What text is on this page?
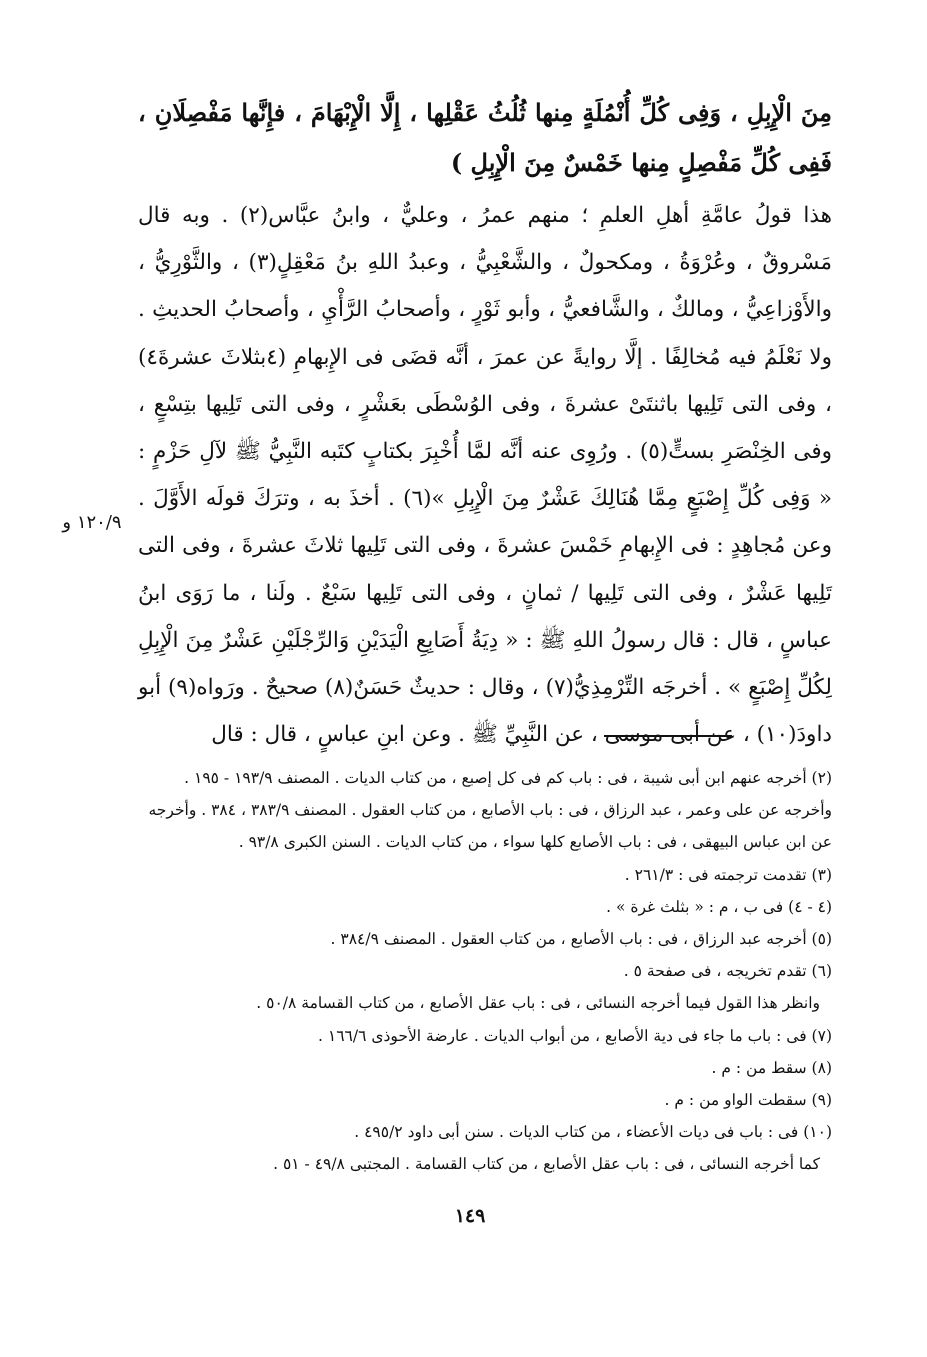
مِنَ الْإِبِلِ ، وَفِى كُلِّ أُنْمُلَةٍ مِنها ثُلُثُ عَقْلِها ، إِلَّا الْإِبْهَامَ ، فإِنَّها مَفْصِلَانِ ، فَفِى كُلِّ مَفْصِلٍ مِنها خَمْسٌ مِنَ الْإِبِلِ )
هذا قولُ عامَّةِ أهلِ العلمِ ؛ منهم عمرُ ، وعليٌّ ، وابنُ عبَّاس(٢) . وبه قال مَسْروقٌ ، وعُرْوَةُ ، ومكحولٌ ، والشَّعْبِيُّ ، وعبدُ اللهِ بنُ مَعْقِلٍ(٣) ، والثَّوْرِيُّ ، والأَوْزاعِيُّ ، ومالكٌ ، والشَّافعيُّ ، وأبو ثَوْرٍ ، وأصحابُ الرَّأْيِ ، وأصحابُ الحديثِ . ولا نَعْلَمُ فيه مُخالِفًا . إلَّا روايةً عن عمرَ ، أنَّه قضَى فى الإِبهامِ (٤بثلاثَ عشرةَ٤) ، وفى التى تَلِيها باثنتَىْ عشرةَ ، وفى الوُسْطَى بعَشْرٍ ، وفى التى تَلِيها بتِسْعٍ ، وفى الخِنْصَرِ بستٍّ(٥) . ورُوِى عنه أنَّه لمَّا أُخْبِرَ بكتابٍ كتَبه النَّبِيُّ ﷺ لآلِ حَزْمٍ : « وَفِى كُلِّ إِصْبَعٍ مِمَّا هُنَالِكَ عَشْرٌ مِنَ الْإِبِلِ »(٦) . أخذَ به ، وترَكَ قولَه الأَوَّلَ . وعن مُجاهِدٍ : فى الإِبهامِ خَمْسَ عشرةَ ، وفى التى تَلِيها ثلاثَ عشرةَ ، وفى التى تَلِيها عَشْرٌ ، وفى التى تَلِيها / ثمانٍ ، وفى التى تَلِيها سَبْعٌ . ولَنا ، ما رَوَى ابنُ عباسٍ ، قال : قال رسولُ اللهِ ﷺ : « دِيَةُ أَصَابِعِ الْيَدَيْنِ وَالرِّجْلَيْنِ عَشْرٌ مِنَ الْإِبِلِ لِكُلِّ إِصْبَعٍ » . أخرجَه التِّرْمِذِيُّ(٧) ، وقال : حديثٌ حَسَنٌ(٨) صحيحٌ . ورَواه(٩) أبو داودَ(١٠) ، عن أبى موسى ، عن النَّبِيِّ ﷺ . وعن ابنِ عباسٍ ، قال : قال
١٢٠/٩ و
(٢) أخرجه عنهم ابن أبى شيبة ، فى : باب كم فى كل إصبع ، من كتاب الديات . المصنف ١٩٣/٩ - ١٩٥ .
وأخرجه عن على وعمر ، عبد الرزاق ، فى : باب الأصابع ، من كتاب العقول . المصنف ٣٨٣/٩ ، ٣٨٤ . وأخرجه
عن ابن عباس البيهقى ، فى : باب الأصابع كلها سواء ، من كتاب الديات . السنن الكبرى ٩٣/٨ .
(٣) تقدمت ترجمته فى : ٢٦١/٣ .
(٤ - ٤) فى ب ، م : « بثلث غرة » .
(٥) أخرجه عبد الرزاق ، فى : باب الأصابع ، من كتاب العقول . المصنف ٣٨٤/٩ .
(٦) تقدم تخريجه ، فى صفحة ٥ .
وانظر هذا القول فيما أخرجه النسائى ، فى : باب عقل الأصابع ، من كتاب القسامة ٥٠/٨ .
(٧) فى : باب ما جاء فى دية الأصابع ، من أبواب الديات . عارضة الأحوذى ١٦٦/٦ .
(٨) سقط من : م .
(٩) سقطت الواو من : م .
(١٠) فى : باب فى ديات الأعضاء ، من كتاب الديات . سنن أبى داود ٤٩٥/٢ .
كما أخرجه النسائى ، فى : باب عقل الأصابع ، من كتاب القسامة . المجتبى ٤٩/٨ - ٥١ .
١٤٩
